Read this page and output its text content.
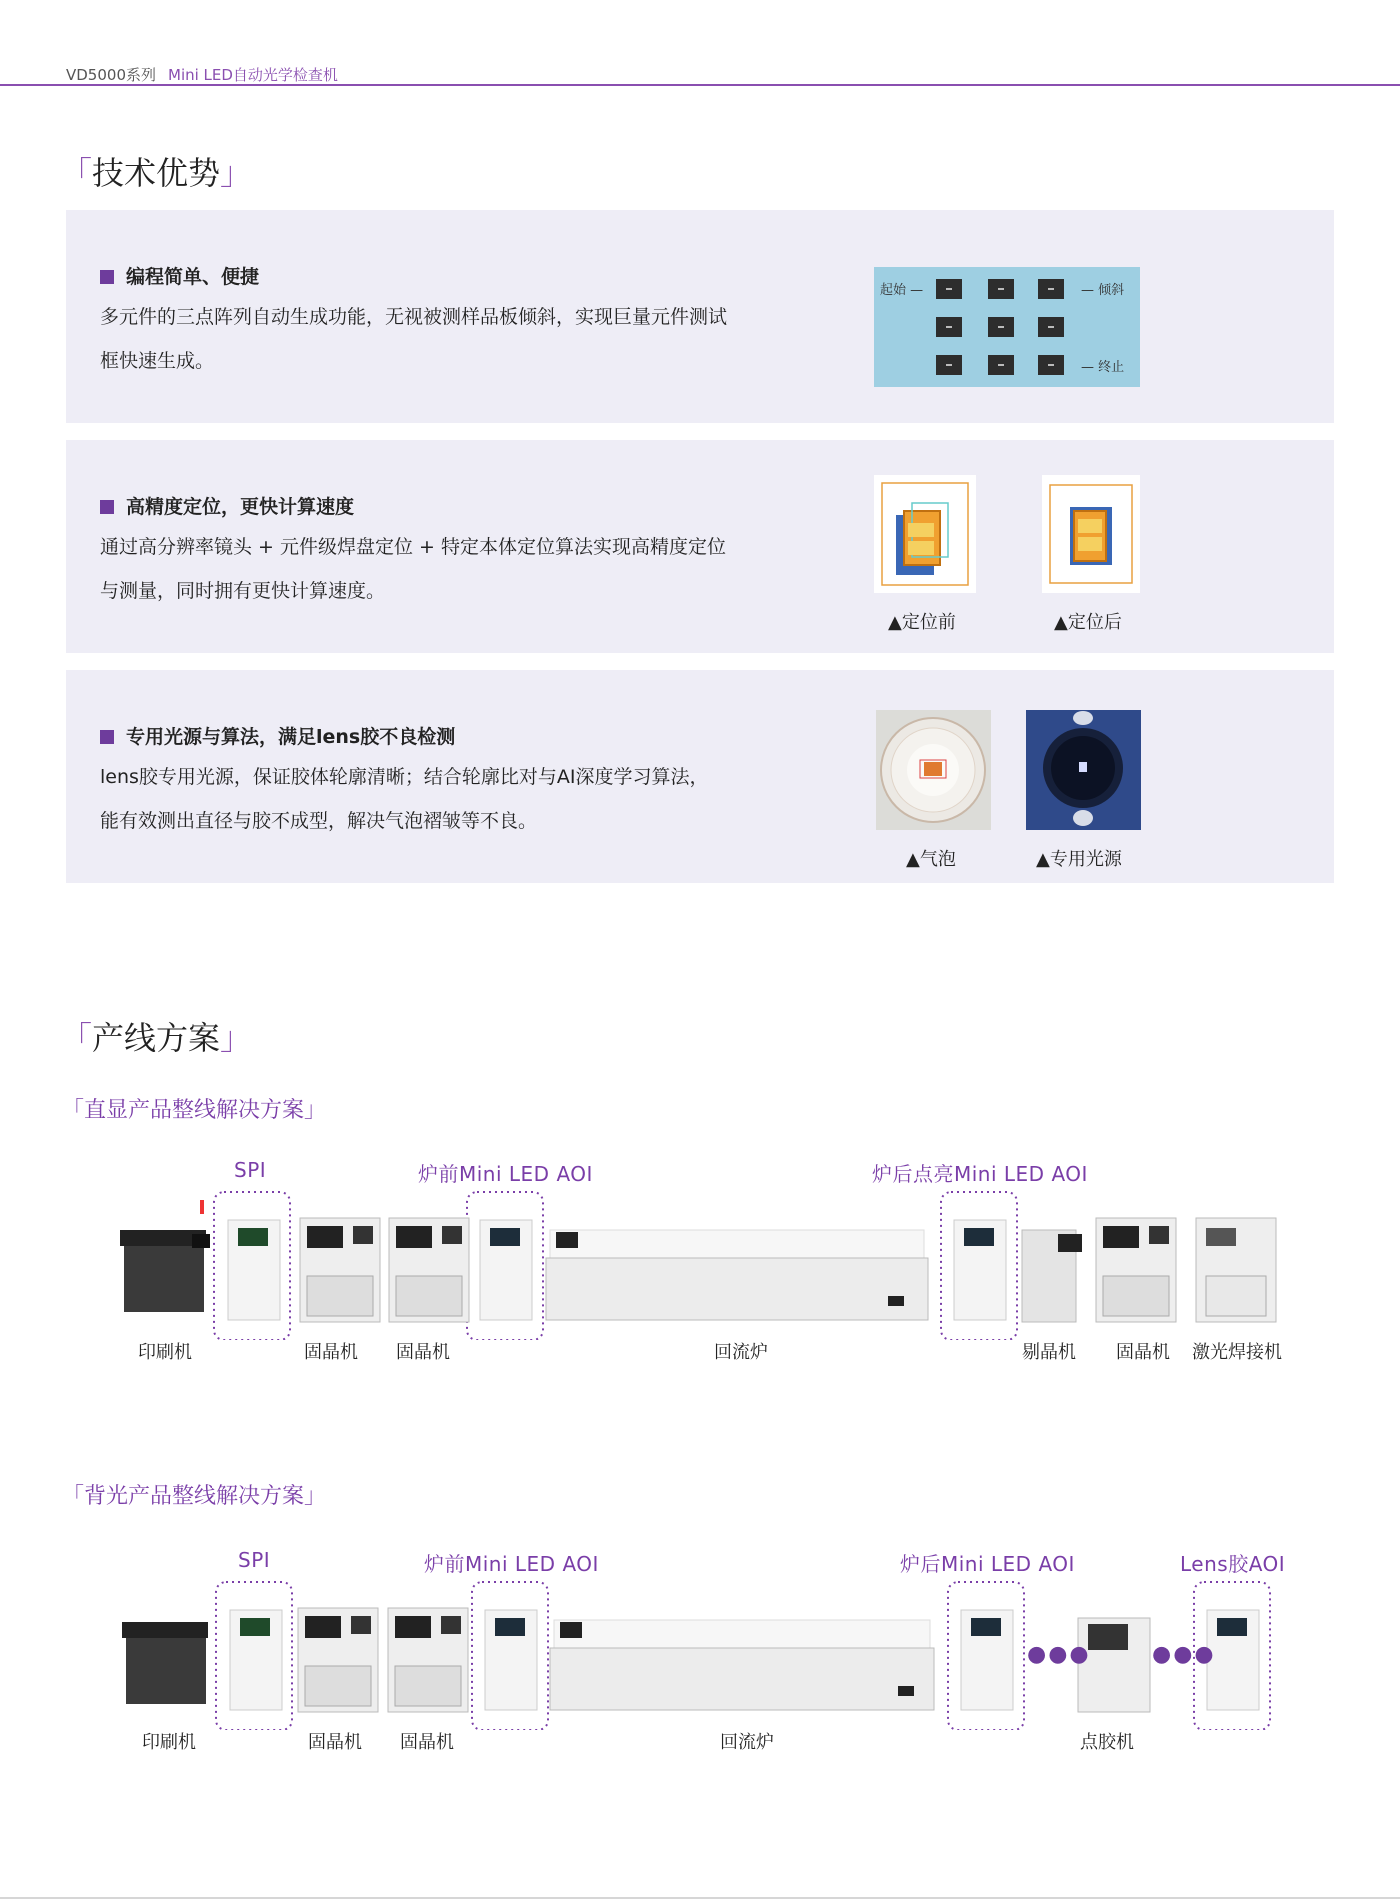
VD5000系列 Mini LED自动光学检查机
「技术优势」
编程简单、便捷
多元件的三点阵列自动生成功能，无视被测样品板倾斜，实现巨量元件测试
框快速生成。
起始 —	— 倾斜
— 终止
高精度定位，更快计算速度
通过高分辨率镜头 + 元件级焊盘定位 + 特定本体定位算法实现高精度定位
与测量，同时拥有更快计算速度。
▲定位前	▲定位后
专用光源与算法，满足lens胶不良检测
lens胶专用光源，保证胶体轮廓清晰；结合轮廓比对与AI深度学习算法，
能有效测出直径与胶不成型，解决气泡褶皱等不良。
▲气泡	▲专用光源
「产线方案」
「直显产品整线解决方案」
SPI	炉前Mini LED AOI	炉后点亮Mini LED AOI
印刷机	固晶机 固晶机	回流炉	剔晶机 固晶机 激光焊接机
「背光产品整线解决方案」
SPI	炉前Mini LED AOI	炉后Mini LED AOI	Lens胶AOI
●●●	●●●
印刷机	固晶机 固晶机	回流炉	点胶机
